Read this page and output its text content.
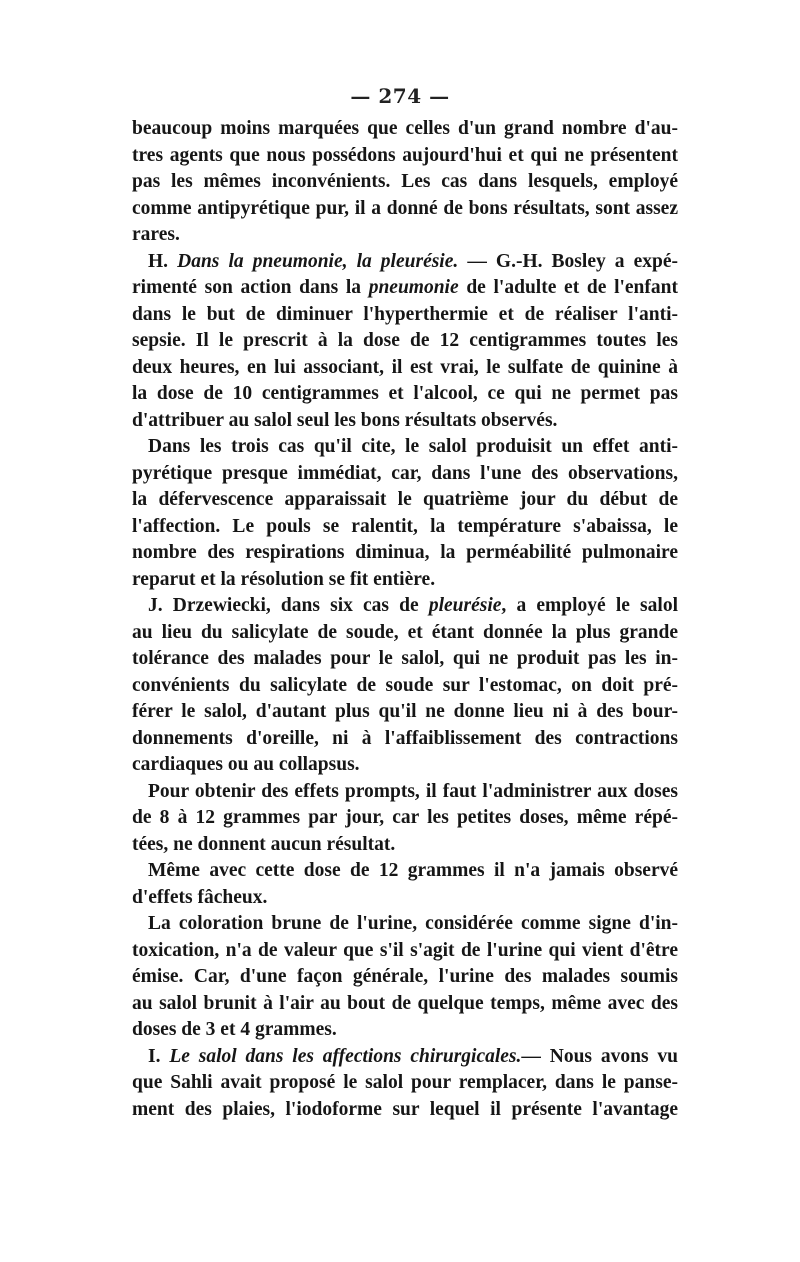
— 274 —

beaucoup moins marquées que celles d'un grand nombre d'au-
tres agents que nous possédons aujourd'hui et qui ne présentent
pas les mêmes inconvénients. Les cas dans lesquels, employé
comme antipyrétique pur, il a donné de bons résultats, sont assez
rares.

H. Dans la pneumonie, la pleurésie. — G.-H. Bosley a expé-
rimenté son action dans la pneumonie de l'adulte et de l'enfant
dans le but de diminuer l'hyperthermie et de réaliser l'anti-
sepsie. Il le prescrit à la dose de 12 centigrammes toutes les
deux heures, en lui associant, il est vrai, le sulfate de quinine à
la dose de 10 centigrammes et l'alcool, ce qui ne permet pas
d'attribuer au salol seul les bons résultats observés.

Dans les trois cas qu'il cite, le salol produisit un effet anti-
pyrétique presque immédiat, car, dans l'une des observations,
la défervescence apparaissait le quatrième jour du début de
l'affection. Le pouls se ralentit, la température s'abaissa, le
nombre des respirations diminua, la perméabilité pulmonaire
reparut et la résolution se fit entière.

J. Drzewiecki, dans six cas de pleurésie, a employé le salol
au lieu du salicylate de soude, et étant donnée la plus grande
tolérance des malades pour le salol, qui ne produit pas les in-
convénients du salicylate de soude sur l'estomac, on doit pré-
férer le salol, d'autant plus qu'il ne donne lieu ni à des bour-
donnements d'oreille, ni à l'affaiblissement des contractions
cardiaques ou au collapsus.

Pour obtenir des effets prompts, il faut l'administrer aux doses
de 8 à 12 grammes par jour, car les petites doses, même répé-
tées, ne donnent aucun résultat.

Même avec cette dose de 12 grammes il n'a jamais observé
d'effets fâcheux.

La coloration brune de l'urine, considérée comme signe d'in-
toxication, n'a de valeur que s'il s'agit de l'urine qui vient d'être
émise. Car, d'une façon générale, l'urine des malades soumis
au salol brunit à l'air au bout de quelque temps, même avec des
doses de 3 et 4 grammes.

I. Le salol dans les affections chirurgicales.— Nous avons vu
que Sahli avait proposé le salol pour remplacer, dans le panse-
ment des plaies, l'iodoforme sur lequel il présente l'avantage
